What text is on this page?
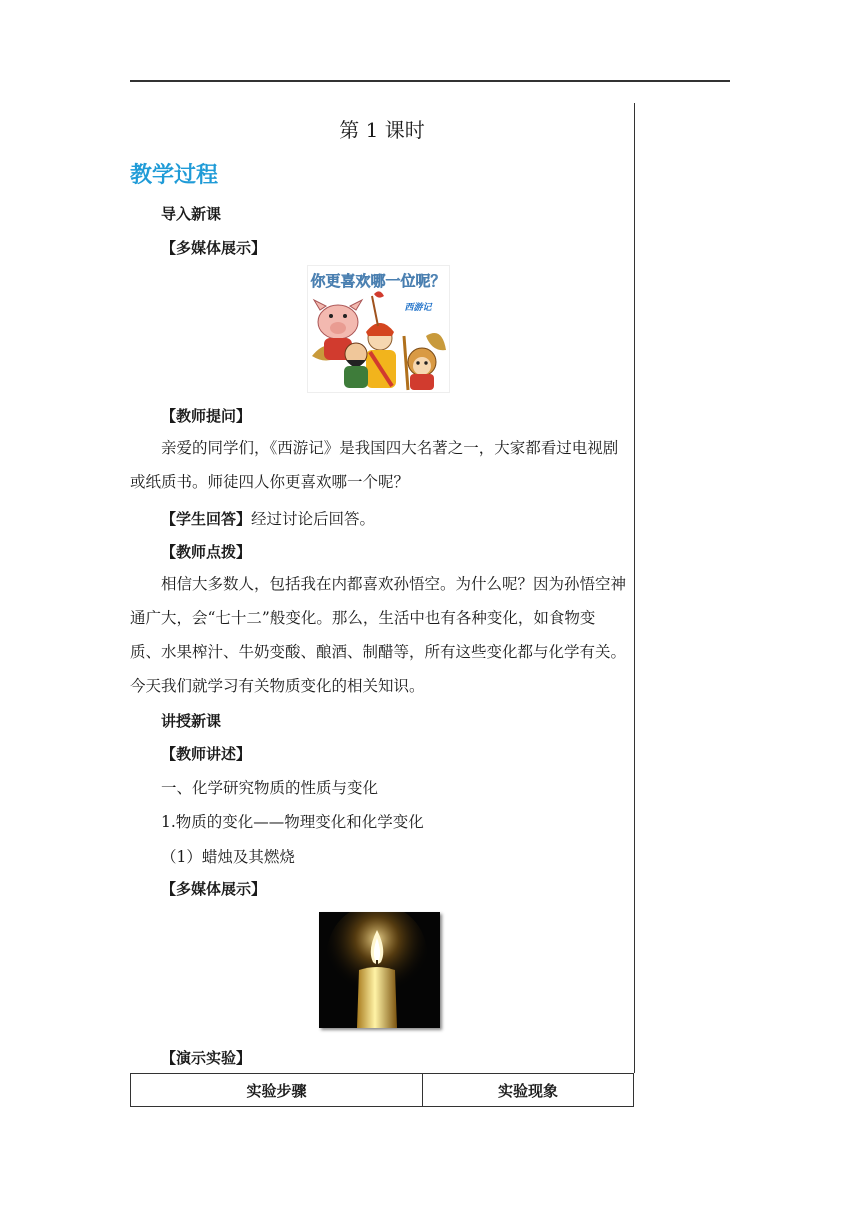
第 1 课时
教学过程
导入新课
【多媒体展示】
你更喜欢哪一位呢？
西游记
【教师提问】
亲爱的同学们，《西游记》是我国四大名著之一，大家都看过电视剧或纸质书。师徒四人你更喜欢哪一个呢？
【学生回答】经过讨论后回答。
【教师点拨】
相信大多数人，包括我在内都喜欢孙悟空。为什么呢？因为孙悟空神通广大，会“七十二”般变化。那么，生活中也有各种变化，如食物变质、水果榨汁、牛奶变酸、酿酒、制醋等，所有这些变化都与化学有关。今天我们就学习有关物质变化的相关知识。
讲授新课
【教师讲述】
一、化学研究物质的性质与变化
1.物质的变化——物理变化和化学变化
（1）蜡烛及其燃烧
【多媒体展示】
【演示实验】
实验步骤	实验现象
